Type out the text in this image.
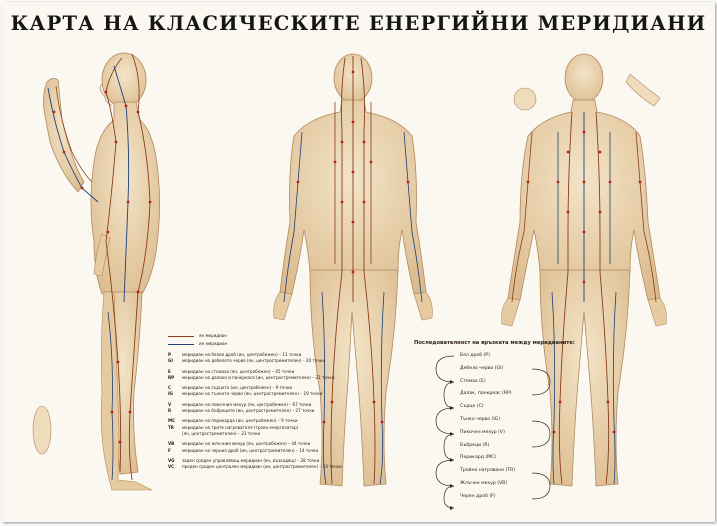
КАРТА НА КЛАСИЧЕСКИТЕ ЕНЕРГИЙНИ МЕРИДИАНИ
ян меридиан
ин меридиан
P	меридиан на белия дроб (ин, центробежен) – 11 точки
GI меридиан на дебелото черво (ян, центростремителен) – 20 точки
E	меридиан на стомаха (ян, центробежен) – 45 точки
RP меридиан на далака и панкреаса (ин, центростремителен) – 21 точки
C	меридиан на сърцето (ин, центробежен) – 9 точки
IG меридиан на тънкото черво (ян, центростремителен) – 19 точки
V	меридиан на пикочния мехур (ян, центробежен) – 67 точки
R	меридиан на бъбреците (ин, центростремителен) – 27 точки
MC меридиан на перикарда (ин, центробежен) – 9 точки
TR меридиан на трите нагревателя (троен енергизатор)
(ян, центростремителен) – 23 точки
VB меридиан на жлъчния мехур (ян, центробежен) – 44 точки
F	меридиан на черния дроб (ин, центростремителен) – 14 точки
VG заден среден управляващ меридиан (ян, възходящ) – 28 точки
VC преден среден централен меридиан (ин, центростремителен) – 24 точки
Последователност на връзката между меридианите:
Бял дроб (P)
Дебело черво (GI)
Стомах (E)
Далак, панкреас (RP)
Сърце (C)
Тънко черво (IG)
Пикочен мехур (V)
Бъбреци (R)
Перикард (MC)
Тройно нагряване (TR)
Жлъчен мехур (VB)
Черен дроб (F)
